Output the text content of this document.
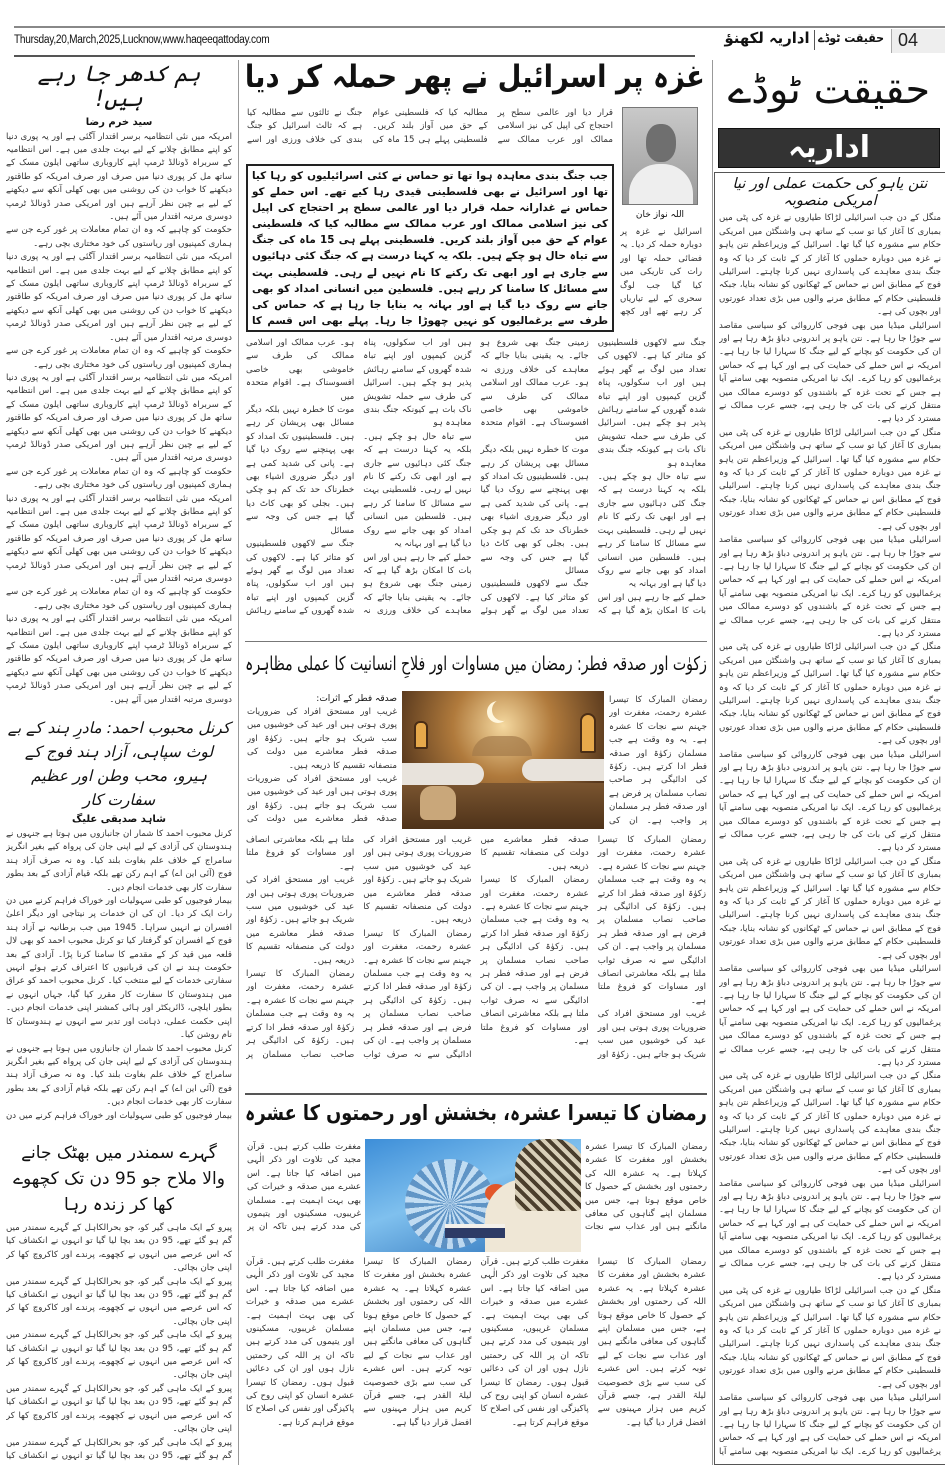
Thursday,20,March,2025,Lucknow,www.haqeeqattoday.com	اداریہ لکھنؤ حقیقت ٹوڈے 04
ہم کدھر جا رہے ہیں!
سید خرم رضا

امریکہ میں نئی انتظامیہ برسر اقتدار آگئی ہے اور یہ پوری دنیا کو اپنے مطابق چلانے کے لیے بہت جلدی میں ہے۔ اس انتظامیہ کے سربراہ ڈونالڈ ٹرمپ اپنے کاروباری ساتھی ایلون مسک کے ساتھ مل کر پوری دنیا میں صرف اور صرف امریکہ کو طاقتور دیکھنے کا خواب دن کی روشنی میں بھی کھلی آنکھ سے دیکھنے کے لیے بے چین نظر آرہے ہیں اور امریکی صدر ڈونالڈ ٹرمپ دوسری مرتبہ اقتدار میں آئے ہیں۔

حکومت کو چاہیے کہ وہ ان تمام معاملات پر غور کرے جن سے ہماری کمپنیوں اور ریاستوں کی خود مختاری بچی رہے۔

امریکہ میں نئی انتظامیہ برسر اقتدار آگئی ہے اور یہ پوری دنیا کو اپنے مطابق چلانے کے لیے بہت جلدی میں ہے۔ اس انتظامیہ کے سربراہ ڈونالڈ ٹرمپ اپنے کاروباری ساتھی ایلون مسک کے ساتھ مل کر پوری دنیا میں صرف اور صرف امریکہ کو طاقتور دیکھنے کا خواب دن کی روشنی میں بھی کھلی آنکھ سے دیکھنے کے لیے بے چین نظر آرہے ہیں اور امریکی صدر ڈونالڈ ٹرمپ دوسری مرتبہ اقتدار میں آئے ہیں۔

حکومت کو چاہیے کہ وہ ان تمام معاملات پر غور کرے جن سے ہماری کمپنیوں اور ریاستوں کی خود مختاری بچی رہے۔

امریکہ میں نئی انتظامیہ برسر اقتدار آگئی ہے اور یہ پوری دنیا کو اپنے مطابق چلانے کے لیے بہت جلدی میں ہے۔ اس انتظامیہ کے سربراہ ڈونالڈ ٹرمپ اپنے کاروباری ساتھی ایلون مسک کے ساتھ مل کر پوری دنیا میں صرف اور صرف امریکہ کو طاقتور دیکھنے کا خواب دن کی روشنی میں بھی کھلی آنکھ سے دیکھنے کے لیے بے چین نظر آرہے ہیں اور امریکی صدر ڈونالڈ ٹرمپ دوسری مرتبہ اقتدار میں آئے ہیں۔

حکومت کو چاہیے کہ وہ ان تمام معاملات پر غور کرے جن سے ہماری کمپنیوں اور ریاستوں کی خود مختاری بچی رہے۔

امریکہ میں نئی انتظامیہ برسر اقتدار آگئی ہے اور یہ پوری دنیا کو اپنے مطابق چلانے کے لیے بہت جلدی میں ہے۔ اس انتظامیہ کے سربراہ ڈونالڈ ٹرمپ اپنے کاروباری ساتھی ایلون مسک کے ساتھ مل کر پوری دنیا میں صرف اور صرف امریکہ کو طاقتور دیکھنے کا خواب دن کی روشنی میں بھی کھلی آنکھ سے دیکھنے کے لیے بے چین نظر آرہے ہیں اور امریکی صدر ڈونالڈ ٹرمپ دوسری مرتبہ اقتدار میں آئے ہیں۔

حکومت کو چاہیے کہ وہ ان تمام معاملات پر غور کرے جن سے ہماری کمپنیوں اور ریاستوں کی خود مختاری بچی رہے۔

امریکہ میں نئی انتظامیہ برسر اقتدار آگئی ہے اور یہ پوری دنیا کو اپنے مطابق چلانے کے لیے بہت جلدی میں ہے۔ اس انتظامیہ کے سربراہ ڈونالڈ ٹرمپ اپنے کاروباری ساتھی ایلون مسک کے ساتھ مل کر پوری دنیا میں صرف اور صرف امریکہ کو طاقتور دیکھنے کا خواب دن کی روشنی میں بھی کھلی آنکھ سے دیکھنے کے لیے بے چین نظر آرہے ہیں اور امریکی صدر ڈونالڈ ٹرمپ دوسری مرتبہ اقتدار میں آئے ہیں۔

کرنل محبوب احمد: مادرِ ہند کے بے لوث سپاہی، آزاد ہند فوج کے ہیرو، محب وطن اور عظیم سفارت کار
شاہد صدیقی علیگ

کرنل محبوب احمد کا شمار ان جانبازوں میں ہوتا ہے جنہوں نے ہندوستان کی آزادی کے لیے اپنی جان کی پرواہ کیے بغیر انگریز سامراج کے خلاف علم بغاوت بلند کیا۔ وہ نہ صرف آزاد ہند فوج (آئی این اے) کے اہم رکن تھے بلکہ قیام آزادی کے بعد بطور سفارت کار بھی خدمات انجام دیں۔

بیمار فوجیوں کو طبی سہولیات اور خوراک فراہم کرنے میں دن رات ایک کر دیا۔ ان کی ان خدمات پر نیتاجی اور دیگر اعلیٰ افسران نے انہیں سراہا۔ 1945 میں جب برطانیہ نے آزاد ہند فوج کے افسران کو گرفتار کیا تو کرنل محبوب احمد کو بھی لال قلعہ میں قید کر کے مقدمے کا سامنا کرنا پڑا۔ آزادی کے بعد حکومت ہند نے ان کی قربانیوں کا اعتراف کرتے ہوئے انہیں سفارتی خدمات کے لیے منتخب کیا۔ کرنل محبوب احمد کو عراق میں ہندوستان کا سفارت کار مقرر کیا گیا، جہاں انہوں نے بطور ایلچی، ڈائریکٹر اور ہائی کمشنر اپنی خدمات انجام دیں۔ اپنی حکمت عملی، ذہانت اور تدبر سے انہوں نے ہندوستان کا نام روشن کیا۔

کرنل محبوب احمد کا شمار ان جانبازوں میں ہوتا ہے جنہوں نے ہندوستان کی آزادی کے لیے اپنی جان کی پرواہ کیے بغیر انگریز سامراج کے خلاف علم بغاوت بلند کیا۔ وہ نہ صرف آزاد ہند فوج (آئی این اے) کے اہم رکن تھے بلکہ قیام آزادی کے بعد بطور سفارت کار بھی خدمات انجام دیں۔

بیمار فوجیوں کو طبی سہولیات اور خوراک فراہم کرنے میں دن

گہرے سمندر میں بھٹک جانے والا ملاح جو 95 دن تک کچھوے کھا کر زندہ رہا

پیرو کے ایک ماہی گیر کو، جو بحرالکاہل کے گہرے سمندر میں گم ہو گئے تھے، 95 دن بعد بچا لیا گیا تو انہوں نے انکشاف کیا کہ اس عرصے میں انہوں نے کچھوے، پرندے اور کاکروچ کھا کر اپنی جان بچائی۔

پیرو کے ایک ماہی گیر کو، جو بحرالکاہل کے گہرے سمندر میں گم ہو گئے تھے، 95 دن بعد بچا لیا گیا تو انہوں نے انکشاف کیا کہ اس عرصے میں انہوں نے کچھوے، پرندے اور کاکروچ کھا کر اپنی جان بچائی۔

پیرو کے ایک ماہی گیر کو، جو بحرالکاہل کے گہرے سمندر میں گم ہو گئے تھے، 95 دن بعد بچا لیا گیا تو انہوں نے انکشاف کیا کہ اس عرصے میں انہوں نے کچھوے، پرندے اور کاکروچ کھا کر اپنی جان بچائی۔

پیرو کے ایک ماہی گیر کو، جو بحرالکاہل کے گہرے سمندر میں گم ہو گئے تھے، 95 دن بعد بچا لیا گیا تو انہوں نے انکشاف کیا کہ اس عرصے میں انہوں نے کچھوے، پرندے اور کاکروچ کھا کر اپنی جان بچائی۔

پیرو کے ایک ماہی گیر کو، جو بحرالکاہل کے گہرے سمندر میں گم ہو گئے تھے، 95 دن بعد بچا لیا گیا تو انہوں نے انکشاف کیا

غزہ پر اسرائیل نے پھر حملہ کر دیا
اللہ نواز خان

اسرائیل نے غزہ پر دوبارہ حملہ کر دیا۔ یہ فضائی حملہ تھا اور رات کی تاریکی میں کیا گیا جب لوگ سحری کے لیے تیاریاں کر رہے تھے اور کچھ

قرار دیا اور عالمی سطح پر احتجاج کی اپیل کی نیز اسلامی ممالک اور عرب ممالک سے مطالبہ کیا کہ فلسطینی عوام کے حق میں آواز بلند کریں۔ فلسطینی پہلے ہی 15 ماہ کی جنگ نے ثالثوں سے مطالبہ کیا ہے کہ ثالث اسرائیل کو جنگ بندی کی خلاف ورزی اور اسے

جب جنگ بندی معاہدہ ہوا تھا تو حماس نے کئی اسرائیلیوں کو رہا کیا تھا اور اسرائیل نے بھی فلسطینی قیدی رہا کیے تھے۔ اس حملے کو حماس نے غدارانہ حملہ قرار دیا اور عالمی سطح پر احتجاج کی اپیل کی نیز اسلامی ممالک اور عرب ممالک سے مطالبہ کیا کہ فلسطینی عوام کے حق میں آواز بلند کریں۔ فلسطینی پہلے ہی 15 ماہ کی جنگ سے تباہ حال ہو چکے ہیں۔ بلکہ یہ کہنا درست ہے کہ جنگ کئی دہائیوں سے جاری ہے اور ابھی تک رکنے کا نام نہیں لے رہی۔ فلسطینی بہت سے مسائل کا سامنا کر رہے ہیں۔ فلسطین میں انسانی امداد کو بھی جانے سے روک دیا گیا ہے اور بہانہ یہ بنایا جا رہا ہے کہ حماس کی طرف سے یرغمالیوں کو نہیں چھوڑا جا رہا۔ پہلے بھی اس قسم کا

جنگ سے لاکھوں فلسطینیوں کو متاثر کیا ہے۔ لاکھوں کی تعداد میں لوگ بے گھر ہوئے ہیں اور اب سکولوں، پناہ گزین کیمپوں اور اپنے تباہ شدہ گھروں کے سامنے رہائش پذیر ہو چکے ہیں۔ اسرائیل کی طرف سے حملہ تشویش ناک بات ہے کیونکہ جنگ بندی معاہدہ ہو

سے تباہ حال ہو چکے ہیں۔ بلکہ یہ کہنا درست ہے کہ جنگ کئی دہائیوں سے جاری ہے اور ابھی تک رکنے کا نام نہیں لے رہی۔ فلسطینی بہت سے مسائل کا سامنا کر رہے ہیں۔ فلسطین میں انسانی امداد کو بھی جانے سے روک دیا گیا ہے اور بہانہ یہ

حملے کیے جا رہے ہیں اور اس بات کا امکان بڑھ گیا ہے کہ زمینی جنگ بھی شروع ہو جائے۔ یہ یقینی بنایا جائے کہ معاہدے کی خلاف ورزی نہ ہو۔ عرب ممالک اور اسلامی ممالک کی طرف سے خاموشی بھی خاصی افسوسناک ہے۔ اقوام متحدہ میں

موت کا خطرہ نہیں بلکہ دیگر مسائل بھی پریشان کر رہے ہیں۔ فلسطینیوں تک امداد کو بھی پہنچنے سے روک دیا گیا ہے۔ پانی کی شدید کمی ہے اور دیگر ضروری اشیاء بھی خطرناک حد تک کم ہو چکی ہیں۔ بجلی کو بھی کاٹ دیا گیا ہے جس کی وجہ سے مسائل

جنگ سے لاکھوں فلسطینیوں کو متاثر کیا ہے۔ لاکھوں کی تعداد میں لوگ بے گھر ہوئے ہیں اور اب سکولوں، پناہ گزین کیمپوں اور اپنے تباہ شدہ گھروں کے سامنے رہائش پذیر ہو چکے ہیں۔ اسرائیل کی طرف سے حملہ تشویش ناک بات ہے کیونکہ جنگ بندی معاہدہ ہو

سے تباہ حال ہو چکے ہیں۔ بلکہ یہ کہنا درست ہے کہ جنگ کئی دہائیوں سے جاری ہے اور ابھی تک رکنے کا نام نہیں لے رہی۔ فلسطینی بہت سے مسائل کا سامنا کر رہے ہیں۔ فلسطین میں انسانی امداد کو بھی جانے سے روک دیا گیا ہے اور بہانہ یہ

حملے کیے جا رہے ہیں اور اس بات کا امکان بڑھ گیا ہے کہ زمینی جنگ بھی شروع ہو جائے۔ یہ یقینی بنایا جائے کہ معاہدے کی خلاف ورزی نہ ہو۔ عرب ممالک اور اسلامی ممالک کی طرف سے خاموشی بھی خاصی افسوسناک ہے۔ اقوام متحدہ میں

موت کا خطرہ نہیں بلکہ دیگر مسائل بھی پریشان کر رہے ہیں۔ فلسطینیوں تک امداد کو بھی پہنچنے سے روک دیا گیا ہے۔ پانی کی شدید کمی ہے اور دیگر ضروری اشیاء بھی خطرناک حد تک کم ہو چکی ہیں۔ بجلی کو بھی کاٹ دیا گیا ہے جس کی وجہ سے مسائل

جنگ سے لاکھوں فلسطینیوں کو متاثر کیا ہے۔ لاکھوں کی تعداد میں لوگ بے گھر ہوئے ہیں اور اب سکولوں، پناہ گزین کیمپوں اور اپنے تباہ شدہ گھروں کے سامنے رہائش

زکوٰت اور صدقہ فطر: رمضان میں مساوات اور فلاحِ انسانیت کا عملی مظاہرہ

رمضان المبارک کا تیسرا عشرہ رحمت، مغفرت اور جہنم سے نجات کا عشرہ ہے۔ یہ وہ وقت ہے جب مسلمان زکوٰۃ اور صدقہ فطر ادا کرتے ہیں۔ زکوٰۃ کی ادائیگی ہر صاحب نصاب مسلمان پر فرض ہے اور صدقہ فطر ہر مسلمان پر واجب ہے۔ ان کی

صدقہ فطر کے اثرات:

غریب اور مستحق افراد کی ضروریات پوری ہوتی ہیں اور عید کی خوشیوں میں سب شریک ہو جاتے ہیں۔ زکوٰۃ اور صدقہ فطر معاشرے میں دولت کی منصفانہ تقسیم کا ذریعہ ہیں۔

غریب اور مستحق افراد کی ضروریات پوری ہوتی ہیں اور عید کی خوشیوں میں سب شریک ہو جاتے ہیں۔ زکوٰۃ اور صدقہ فطر معاشرے میں دولت کی

رمضان المبارک کا تیسرا عشرہ رحمت، مغفرت اور جہنم سے نجات کا عشرہ ہے۔ یہ وہ وقت ہے جب مسلمان زکوٰۃ اور صدقہ فطر ادا کرتے ہیں۔ زکوٰۃ کی ادائیگی ہر صاحب نصاب مسلمان پر فرض ہے اور صدقہ فطر ہر مسلمان پر واجب ہے۔ ان کی ادائیگی سے نہ صرف ثواب ملتا ہے بلکہ معاشرتی انصاف اور مساوات کو فروغ ملتا ہے۔

غریب اور مستحق افراد کی ضروریات پوری ہوتی ہیں اور عید کی خوشیوں میں سب شریک ہو جاتے ہیں۔ زکوٰۃ اور صدقہ فطر معاشرے میں دولت کی منصفانہ تقسیم کا ذریعہ ہیں۔

رمضان المبارک کا تیسرا عشرہ رحمت، مغفرت اور جہنم سے نجات کا عشرہ ہے۔ یہ وہ وقت ہے جب مسلمان زکوٰۃ اور صدقہ فطر ادا کرتے ہیں۔ زکوٰۃ کی ادائیگی ہر صاحب نصاب مسلمان پر فرض ہے اور صدقہ فطر ہر مسلمان پر واجب ہے۔ ان کی ادائیگی سے نہ صرف ثواب ملتا ہے بلکہ معاشرتی انصاف اور مساوات کو فروغ ملتا ہے۔

غریب اور مستحق افراد کی ضروریات پوری ہوتی ہیں اور عید کی خوشیوں میں سب شریک ہو جاتے ہیں۔ زکوٰۃ اور صدقہ فطر معاشرے میں دولت کی منصفانہ تقسیم کا ذریعہ ہیں۔

رمضان المبارک کا تیسرا عشرہ رحمت، مغفرت اور جہنم سے نجات کا عشرہ ہے۔ یہ وہ وقت ہے جب مسلمان زکوٰۃ اور صدقہ فطر ادا کرتے ہیں۔ زکوٰۃ کی ادائیگی ہر صاحب نصاب مسلمان پر فرض ہے اور صدقہ فطر ہر مسلمان پر واجب ہے۔ ان کی ادائیگی سے نہ صرف ثواب ملتا ہے بلکہ معاشرتی انصاف اور مساوات کو فروغ ملتا ہے۔

غریب اور مستحق افراد کی ضروریات پوری ہوتی ہیں اور عید کی خوشیوں میں سب شریک ہو جاتے ہیں۔ زکوٰۃ اور صدقہ فطر معاشرے میں دولت کی منصفانہ تقسیم کا ذریعہ ہیں۔

رمضان المبارک کا تیسرا عشرہ رحمت، مغفرت اور جہنم سے نجات کا عشرہ ہے۔ یہ وہ وقت ہے جب مسلمان زکوٰۃ اور صدقہ فطر ادا کرتے ہیں۔ زکوٰۃ کی ادائیگی ہر صاحب نصاب مسلمان پر

رمضان کا تیسرا عشرہ، بخشش اور رحمتوں کا عشرہ

رمضان المبارک کا تیسرا عشرہ بخشش اور مغفرت کا عشرہ کہلاتا ہے۔ یہ عشرہ اللہ کی رحمتوں اور بخشش کے حصول کا خاص موقع ہوتا ہے، جس میں مسلمان اپنے گناہوں کی معافی مانگتے ہیں اور عذاب سے نجات

مغفرت طلب کرتے ہیں۔ قرآن مجید کی تلاوت اور ذکر الٰہی میں اضافہ کیا جاتا ہے۔ اس عشرے میں صدقہ و خیرات کی بھی بہت اہمیت ہے۔ مسلمان غریبوں، مسکینوں اور یتیموں کی مدد کرتے ہیں تاکہ ان پر

رمضان المبارک کا تیسرا عشرہ بخشش اور مغفرت کا عشرہ کہلاتا ہے۔ یہ عشرہ اللہ کی رحمتوں اور بخشش کے حصول کا خاص موقع ہوتا ہے، جس میں مسلمان اپنے گناہوں کی معافی مانگتے ہیں اور عذاب سے نجات کے لیے توبہ کرتے ہیں۔ اس عشرے کی سب سے بڑی خصوصیت لیلۃ القدر ہے، جسے قرآن کریم میں ہزار مہینوں سے افضل قرار دیا گیا ہے۔

مغفرت طلب کرتے ہیں۔ قرآن مجید کی تلاوت اور ذکر الٰہی میں اضافہ کیا جاتا ہے۔ اس عشرے میں صدقہ و خیرات کی بھی بہت اہمیت ہے۔ مسلمان غریبوں، مسکینوں اور یتیموں کی مدد کرتے ہیں تاکہ ان پر اللہ کی رحمتیں نازل ہوں اور ان کی دعائیں قبول ہوں۔ رمضان کا تیسرا عشرہ انسان کو اپنی روح کی پاکیزگی اور نفس کی اصلاح کا موقع فراہم کرتا ہے۔

رمضان المبارک کا تیسرا عشرہ بخشش اور مغفرت کا عشرہ کہلاتا ہے۔ یہ عشرہ اللہ کی رحمتوں اور بخشش کے حصول کا خاص موقع ہوتا ہے، جس میں مسلمان اپنے گناہوں کی معافی مانگتے ہیں اور عذاب سے نجات کے لیے توبہ کرتے ہیں۔ اس عشرے کی سب سے بڑی خصوصیت لیلۃ القدر ہے، جسے قرآن کریم میں ہزار مہینوں سے افضل قرار دیا گیا ہے۔

مغفرت طلب کرتے ہیں۔ قرآن مجید کی تلاوت اور ذکر الٰہی میں اضافہ کیا جاتا ہے۔ اس عشرے میں صدقہ و خیرات کی بھی بہت اہمیت ہے۔ مسلمان غریبوں، مسکینوں اور یتیموں کی مدد کرتے ہیں تاکہ ان پر اللہ کی رحمتیں نازل ہوں اور ان کی دعائیں قبول ہوں۔ رمضان کا تیسرا عشرہ انسان کو اپنی روح کی پاکیزگی اور نفس کی اصلاح کا موقع فراہم کرتا ہے۔

حقیقت ٹوڈے
اداریہ
نتن یاہو کی حکمت عملی اور نیا امریکی منصوبہ

منگل کے دن جب اسرائیلی لڑاکا طیاروں نے غزہ کی پٹی میں بمباری کا آغاز کیا تو سب کے ساتھ ہی واشنگٹن میں امریکی حکام سے مشورہ کیا گیا تھا۔ اسرائیل کے وزیراعظم نتن یاہو نے غزہ میں دوبارہ حملوں کا آغاز کر کے ثابت کر دیا کہ وہ جنگ بندی معاہدے کی پاسداری نہیں کرنا چاہتے۔ اسرائیلی فوج کے مطابق اس نے حماس کے ٹھکانوں کو نشانہ بنایا، جبکہ فلسطینی حکام کے مطابق مرنے والوں میں بڑی تعداد عورتوں اور بچوں کی ہے۔

اسرائیلی میڈیا میں بھی فوجی کارروائی کو سیاسی مقاصد سے جوڑا جا رہا ہے۔ نتن یاہو پر اندرونی دباؤ بڑھ رہا ہے اور ان کی حکومت کو بچانے کے لیے جنگ کا سہارا لیا جا رہا ہے۔ امریکہ نے اس حملے کی حمایت کی ہے اور کہا ہے کہ حماس یرغمالیوں کو رہا کرے۔ ایک نیا امریکی منصوبہ بھی سامنے آیا ہے جس کے تحت غزہ کے باشندوں کو دوسرے ممالک میں منتقل کرنے کی بات کی جا رہی ہے، جسے عرب ممالک نے مسترد کر دیا ہے۔

منگل کے دن جب اسرائیلی لڑاکا طیاروں نے غزہ کی پٹی میں بمباری کا آغاز کیا تو سب کے ساتھ ہی واشنگٹن میں امریکی حکام سے مشورہ کیا گیا تھا۔ اسرائیل کے وزیراعظم نتن یاہو نے غزہ میں دوبارہ حملوں کا آغاز کر کے ثابت کر دیا کہ وہ جنگ بندی معاہدے کی پاسداری نہیں کرنا چاہتے۔ اسرائیلی فوج کے مطابق اس نے حماس کے ٹھکانوں کو نشانہ بنایا، جبکہ فلسطینی حکام کے مطابق مرنے والوں میں بڑی تعداد عورتوں اور بچوں کی ہے۔

اسرائیلی میڈیا میں بھی فوجی کارروائی کو سیاسی مقاصد سے جوڑا جا رہا ہے۔ نتن یاہو پر اندرونی دباؤ بڑھ رہا ہے اور ان کی حکومت کو بچانے کے لیے جنگ کا سہارا لیا جا رہا ہے۔ امریکہ نے اس حملے کی حمایت کی ہے اور کہا ہے کہ حماس یرغمالیوں کو رہا کرے۔ ایک نیا امریکی منصوبہ بھی سامنے آیا ہے جس کے تحت غزہ کے باشندوں کو دوسرے ممالک میں منتقل کرنے کی بات کی جا رہی ہے، جسے عرب ممالک نے مسترد کر دیا ہے۔

منگل کے دن جب اسرائیلی لڑاکا طیاروں نے غزہ کی پٹی میں بمباری کا آغاز کیا تو سب کے ساتھ ہی واشنگٹن میں امریکی حکام سے مشورہ کیا گیا تھا۔ اسرائیل کے وزیراعظم نتن یاہو نے غزہ میں دوبارہ حملوں کا آغاز کر کے ثابت کر دیا کہ وہ جنگ بندی معاہدے کی پاسداری نہیں کرنا چاہتے۔ اسرائیلی فوج کے مطابق اس نے حماس کے ٹھکانوں کو نشانہ بنایا، جبکہ فلسطینی حکام کے مطابق مرنے والوں میں بڑی تعداد عورتوں اور بچوں کی ہے۔

اسرائیلی میڈیا میں بھی فوجی کارروائی کو سیاسی مقاصد سے جوڑا جا رہا ہے۔ نتن یاہو پر اندرونی دباؤ بڑھ رہا ہے اور ان کی حکومت کو بچانے کے لیے جنگ کا سہارا لیا جا رہا ہے۔ امریکہ نے اس حملے کی حمایت کی ہے اور کہا ہے کہ حماس یرغمالیوں کو رہا کرے۔ ایک نیا امریکی منصوبہ بھی سامنے آیا ہے جس کے تحت غزہ کے باشندوں کو دوسرے ممالک میں منتقل کرنے کی بات کی جا رہی ہے، جسے عرب ممالک نے مسترد کر دیا ہے۔

منگل کے دن جب اسرائیلی لڑاکا طیاروں نے غزہ کی پٹی میں بمباری کا آغاز کیا تو سب کے ساتھ ہی واشنگٹن میں امریکی حکام سے مشورہ کیا گیا تھا۔ اسرائیل کے وزیراعظم نتن یاہو نے غزہ میں دوبارہ حملوں کا آغاز کر کے ثابت کر دیا کہ وہ جنگ بندی معاہدے کی پاسداری نہیں کرنا چاہتے۔ اسرائیلی فوج کے مطابق اس نے حماس کے ٹھکانوں کو نشانہ بنایا، جبکہ فلسطینی حکام کے مطابق مرنے والوں میں بڑی تعداد عورتوں اور بچوں کی ہے۔

اسرائیلی میڈیا میں بھی فوجی کارروائی کو سیاسی مقاصد سے جوڑا جا رہا ہے۔ نتن یاہو پر اندرونی دباؤ بڑھ رہا ہے اور ان کی حکومت کو بچانے کے لیے جنگ کا سہارا لیا جا رہا ہے۔ امریکہ نے اس حملے کی حمایت کی ہے اور کہا ہے کہ حماس یرغمالیوں کو رہا کرے۔ ایک نیا امریکی منصوبہ بھی سامنے آیا ہے جس کے تحت غزہ کے باشندوں کو دوسرے ممالک میں منتقل کرنے کی بات کی جا رہی ہے، جسے عرب ممالک نے مسترد کر دیا ہے۔

منگل کے دن جب اسرائیلی لڑاکا طیاروں نے غزہ کی پٹی میں بمباری کا آغاز کیا تو سب کے ساتھ ہی واشنگٹن میں امریکی حکام سے مشورہ کیا گیا تھا۔ اسرائیل کے وزیراعظم نتن یاہو نے غزہ میں دوبارہ حملوں کا آغاز کر کے ثابت کر دیا کہ وہ جنگ بندی معاہدے کی پاسداری نہیں کرنا چاہتے۔ اسرائیلی فوج کے مطابق اس نے حماس کے ٹھکانوں کو نشانہ بنایا، جبکہ فلسطینی حکام کے مطابق مرنے والوں میں بڑی تعداد عورتوں اور بچوں کی ہے۔

اسرائیلی میڈیا میں بھی فوجی کارروائی کو سیاسی مقاصد سے جوڑا جا رہا ہے۔ نتن یاہو پر اندرونی دباؤ بڑھ رہا ہے اور ان کی حکومت کو بچانے کے لیے جنگ کا سہارا لیا جا رہا ہے۔ امریکہ نے اس حملے کی حمایت کی ہے اور کہا ہے کہ حماس یرغمالیوں کو رہا کرے۔ ایک نیا امریکی منصوبہ بھی سامنے آیا ہے جس کے تحت غزہ کے باشندوں کو دوسرے ممالک میں منتقل کرنے کی بات کی جا رہی ہے، جسے عرب ممالک نے مسترد کر دیا ہے۔

منگل کے دن جب اسرائیلی لڑاکا طیاروں نے غزہ کی پٹی میں بمباری کا آغاز کیا تو سب کے ساتھ ہی واشنگٹن میں امریکی حکام سے مشورہ کیا گیا تھا۔ اسرائیل کے وزیراعظم نتن یاہو نے غزہ میں دوبارہ حملوں کا آغاز کر کے ثابت کر دیا کہ وہ جنگ بندی معاہدے کی پاسداری نہیں کرنا چاہتے۔ اسرائیلی فوج کے مطابق اس نے حماس کے ٹھکانوں کو نشانہ بنایا، جبکہ فلسطینی حکام کے مطابق مرنے والوں میں بڑی تعداد عورتوں اور بچوں کی ہے۔

اسرائیلی میڈیا میں بھی فوجی کارروائی کو سیاسی مقاصد سے جوڑا جا رہا ہے۔ نتن یاہو پر اندرونی دباؤ بڑھ رہا ہے اور ان کی حکومت کو بچانے کے لیے جنگ کا سہارا لیا جا رہا ہے۔ امریکہ نے اس حملے کی حمایت کی ہے اور کہا ہے کہ حماس یرغمالیوں کو رہا کرے۔ ایک نیا امریکی منصوبہ بھی سامنے آیا
